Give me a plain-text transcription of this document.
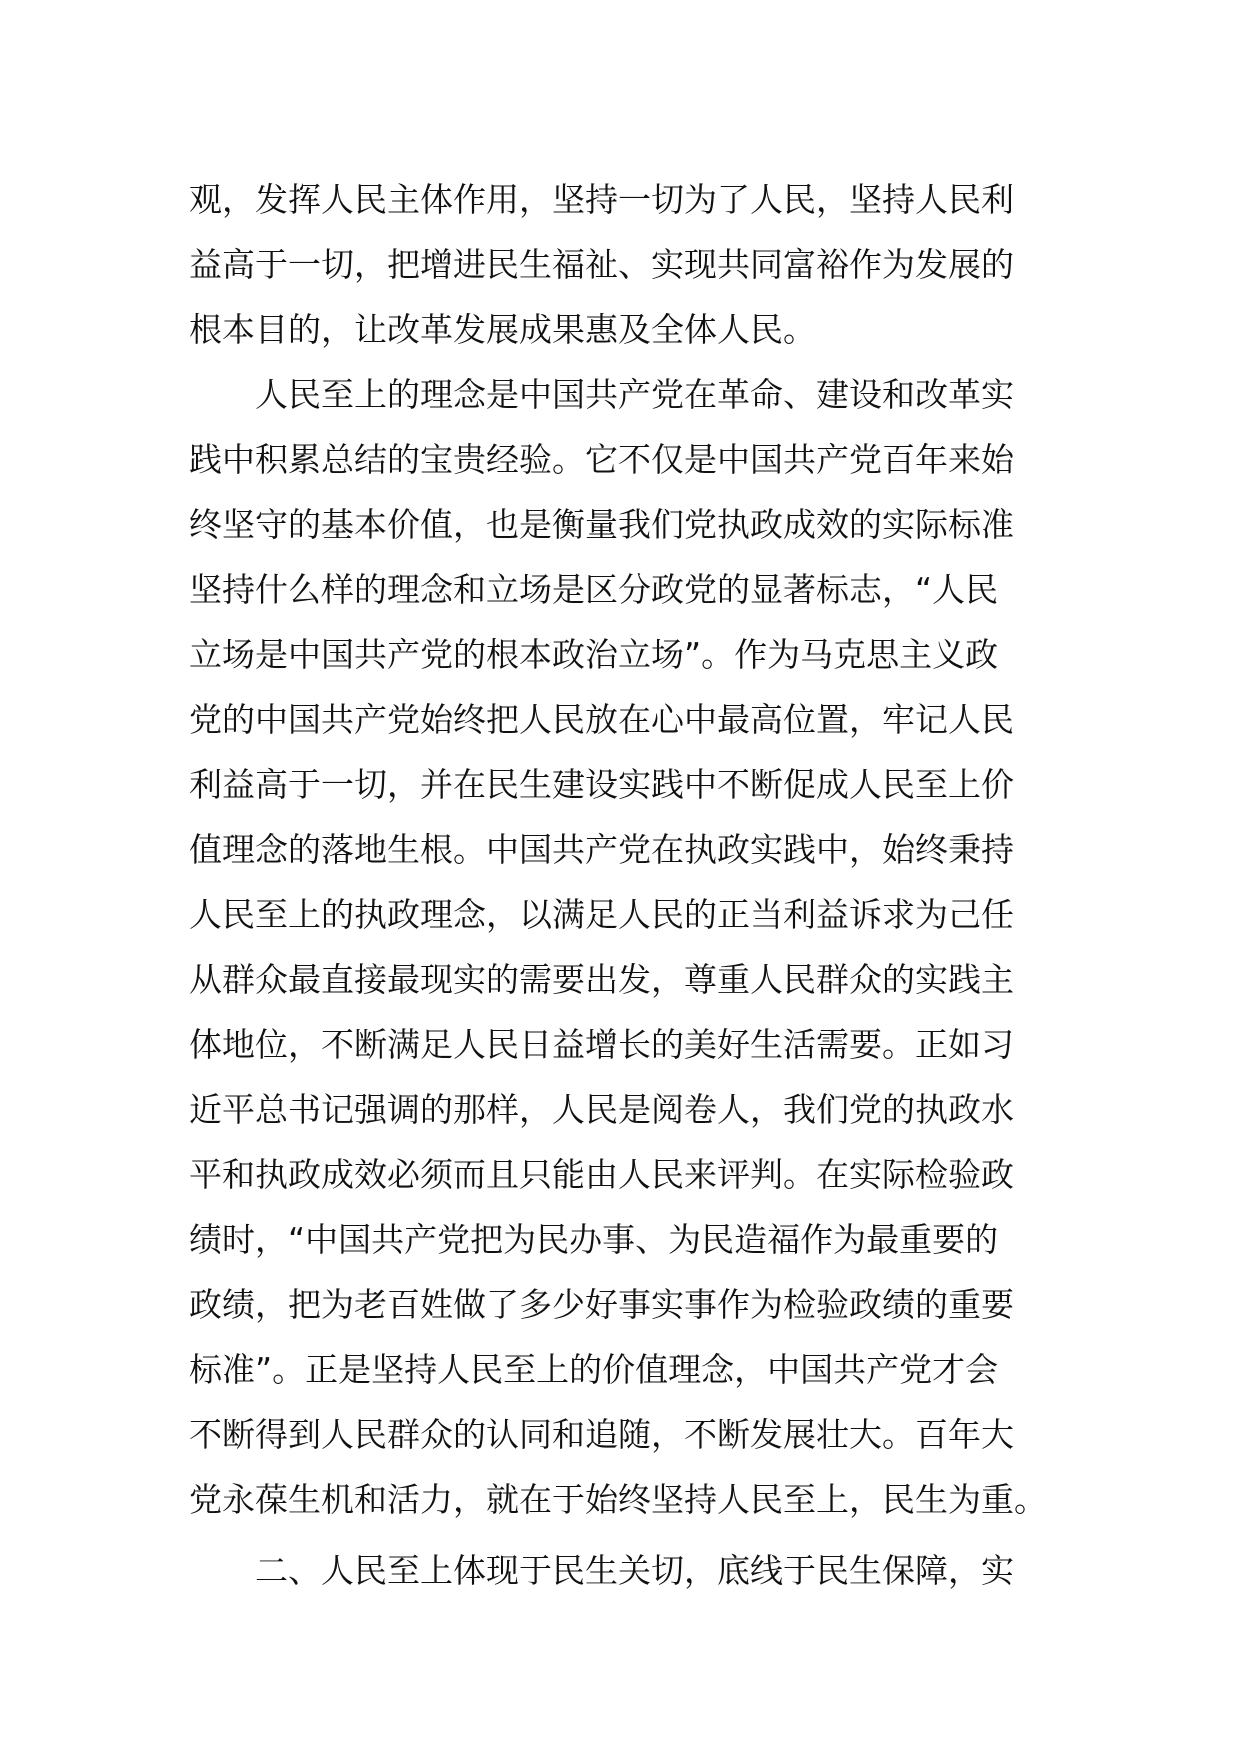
观，发挥人民主体作用，坚持一切为了人民，坚持人民利
益高于一切，把增进民生福祉、实现共同富裕作为发展的
根本目的，让改革发展成果惠及全体人民。
人民至上的理念是中国共产党在革命、建设和改革实
践中积累总结的宝贵经验。它不仅是中国共产党百年来始
终坚守的基本价值，也是衡量我们党执政成效的实际标准
坚持什么样的理念和立场是区分政党的显著标志，“人民
立场是中国共产党的根本政治立场”。作为马克思主义政
党的中国共产党始终把人民放在心中最高位置，牢记人民
利益高于一切，并在民生建设实践中不断促成人民至上价
值理念的落地生根。中国共产党在执政实践中，始终秉持
人民至上的执政理念，以满足人民的正当利益诉求为己任
从群众最直接最现实的需要出发，尊重人民群众的实践主
体地位，不断满足人民日益增长的美好生活需要。正如习
近平总书记强调的那样，人民是阅卷人，我们党的执政水
平和执政成效必须而且只能由人民来评判。在实际检验政
绩时，“中国共产党把为民办事、为民造福作为最重要的
政绩，把为老百姓做了多少好事实事作为检验政绩的重要
标准”。正是坚持人民至上的价值理念，中国共产党才会
不断得到人民群众的认同和追随，不断发展壮大。百年大
党永葆生机和活力，就在于始终坚持人民至上，民生为重。
二、人民至上体现于民生关切，底线于民生保障，实
